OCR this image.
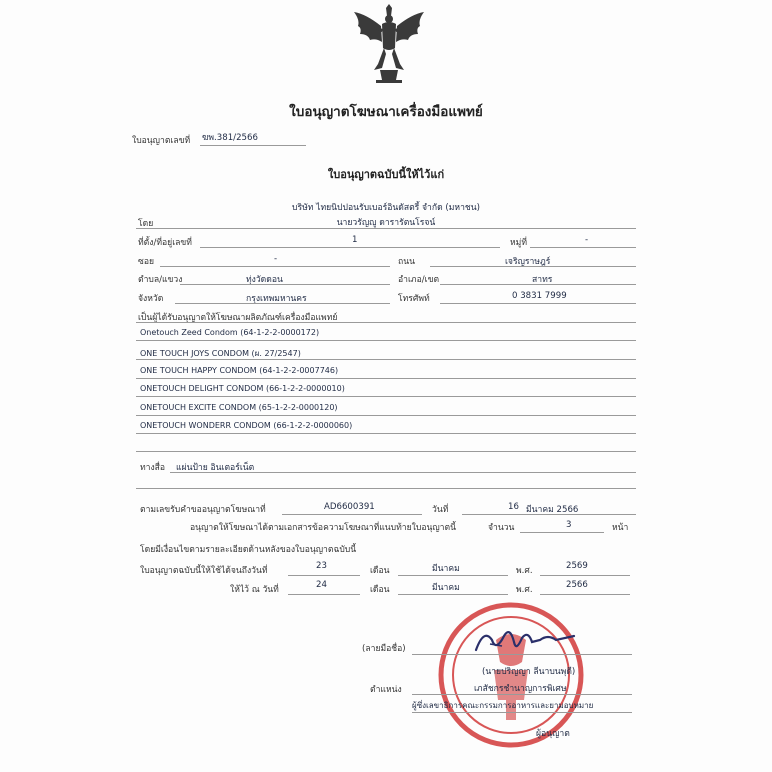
ใบอนุญาตโฆษณาเครื่องมือแพทย์
ใบอนุญาตเลขที่ ฆพ.381/2566
ใบอนุญาตฉบับนี้ให้ไว้แก่
บริษัท ไทยนิปปอนรับเบอร์อินดัสตรี้ จำกัด (มหาชน)
โดย	นายวรัญญู ดารารัตนโรจน์
ที่ตั้ง/ที่อยู่เลขที่	1	หมู่ที่	-
ซอย	-	ถนน	เจริญราษฎร์
ตำบล/แขวง	ทุ่งวัดดอน	อำเภอ/เขต	สาทร
จังหวัด	กรุงเทพมหานคร	โทรศัพท์	0 3831 7999
เป็นผู้ได้รับอนุญาตให้โฆษณาผลิตภัณฑ์เครื่องมือแพทย์
Onetouch Zeed Condom (64-1-2-2-0000172)
ONE TOUCH JOYS CONDOM (ผ. 27/2547)
ONE TOUCH HAPPY CONDOM (64-1-2-2-0007746)
ONETOUCH DELIGHT CONDOM (66-1-2-2-0000010)
ONETOUCH EXCITE CONDOM (65-1-2-2-0000120)
ONETOUCH WONDERR CONDOM (66-1-2-2-0000060)
ทางสื่อ แผ่นป้าย อินเตอร์เน็ต
ตามเลขรับคำขออนุญาตโฆษณาที่	AD6600391	วันที่	16 มีนาคม 2566
อนุญาตให้โฆษณาได้ตามเอกสารข้อความโฆษณาที่แนบท้ายใบอนุญาตนี้	จำนวน	3	หน้า
โดยมีเงื่อนไขตามรายละเอียดด้านหลังของใบอนุญาตฉบับนี้
ใบอนุญาตฉบับนี้ให้ใช้ได้จนถึงวันที่	23	เดือน	มีนาคม	พ.ศ.	2569
ให้ไว้ ณ วันที่	24	เดือน	มีนาคม	พ.ศ.	2566
(ลายมือชื่อ)
(นายปริญญา ลีนาบนพุดี)
ตำแหน่ง	เภสัชกรชำนาญการพิเศษ
ผู้ซึ่งเลขาธิการคณะกรรมการอาหารและยามอบหมาย
ผู้อนุญาต
